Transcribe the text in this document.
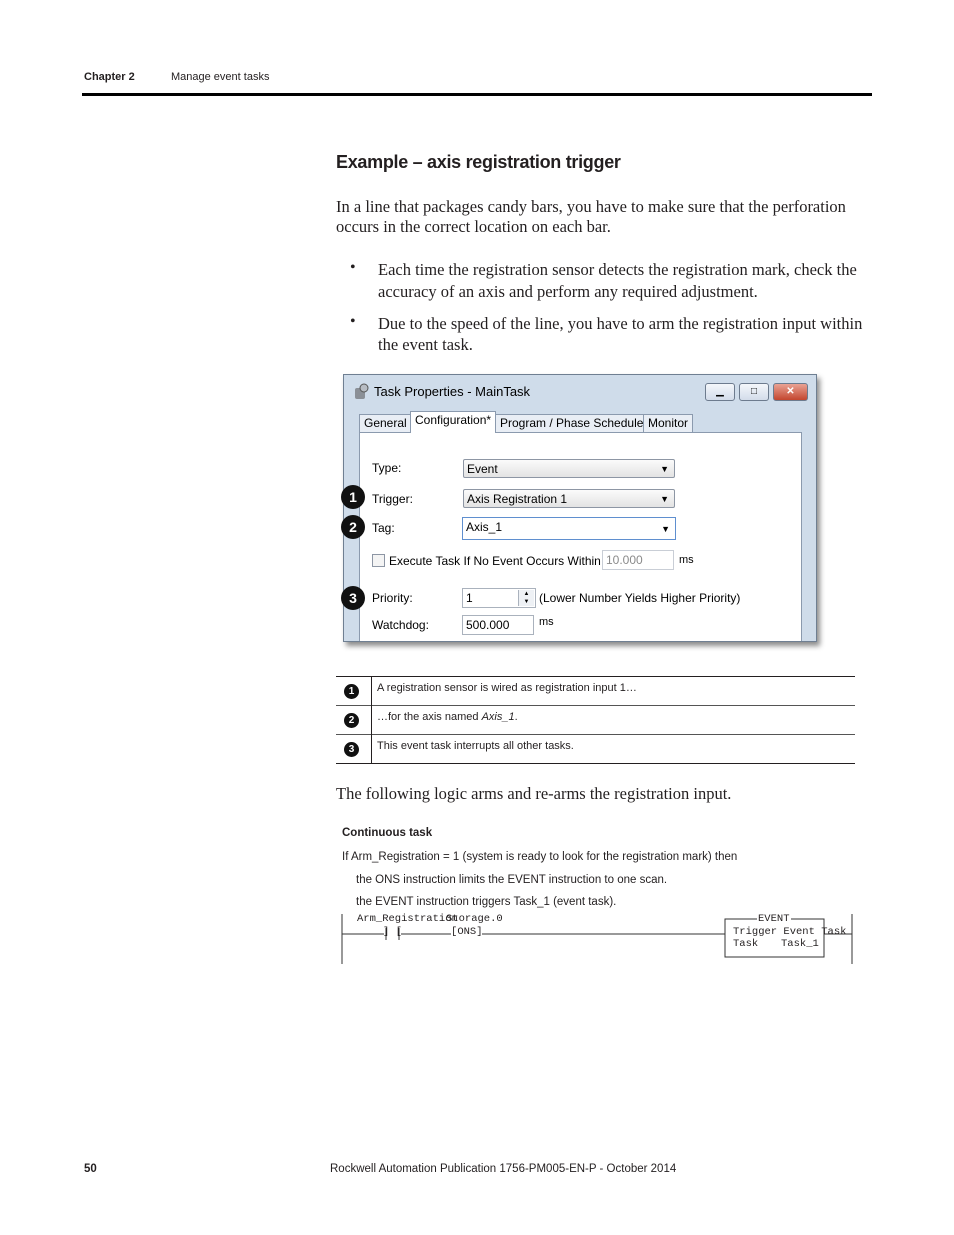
Chapter 2	Manage event tasks
Example – axis registration trigger
In a line that packages candy bars, you have to make sure that the perforation
occurs in the correct location on each bar.
• Each time the registration sensor detects the registration mark, check the
accuracy of an axis and perform any required adjustment.
• Due to the speed of the line, you have to arm the registration input within
the event task.
Task Properties - MainTask	▁	□	✕
General Configuration* Program / Phase Schedule Monitor
Type:	Event	▼
Trigger:	Axis Registration 1	▼
Tag:	Axis_1	▼
Execute Task If No Event Occurs Within 10.000	ms
Priority:	1	▲
▼ (Lower Number Yields Higher Priority)
Watchdog:	500.000	ms
1
2
3
1	A registration sensor is wired as registration input 1…
2	…for the axis named Axis_1.
3	This event task interrupts all other tasks.
The following logic arms and re-arms the registration input.
Continuous task
If Arm_Registration = 1 (system is ready to look for the registration mark) then
the ONS instruction limits the EVENT instruction to one scan.
the EVENT instruction triggers Task_1 (event task).
Arm_Registration
] [
Storage.0
[ONS]
EVENT
Trigger Event Task
Task Task_1
50	Rockwell Automation Publication 1756-PM005-EN-P - October 2014
